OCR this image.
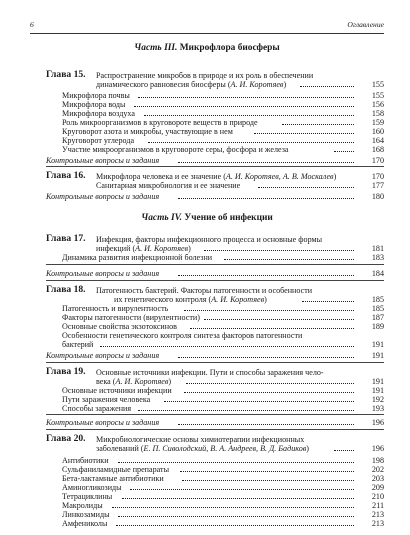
6	Оглавление
Часть III. Микрофлора биосферы
Глава 15. Распространение микробов в природе и их роль в обеспечении
динамического равновесия биосферы (А. И. Коротяев)	155
Микрофлора почвы	155
Микрофлора воды	156
Микрофлора воздуха	158
Роль микроорганизмов в круговороте веществ в природе	159
Круговорот азота и микробы, участвующие в нем	160
Круговорот углерода	164
Участие микроорганизмов в круговороте серы, фосфора и железа	168
Контрольные вопросы и задания	170
Глава 16. Микрофлора человека и ее значение (А. И. Коротяев, А. В. Москалев)	170
Санитарная микробиология и ее значение	177
Контрольные вопросы и задания	180
Часть IV. Учение об инфекции
Глава 17. Инфекция, факторы инфекционного процесса и основные формы
инфекций (А. И. Коротяев)	181
Динамика развития инфекционной болезни	183
Контрольные вопросы и задания	184
Глава 18. Патогенность бактерий. Факторы патогенности и особенности
их генетического контроля (А. И. Коротяев)	185
Патогенность и вирулентность	185
Факторы патогенности (вирулентности)	187
Основные свойства экзотоксинов	189
Особенности генетического контроля синтеза факторов патогенности
бактерий	191
Контрольные вопросы и задания	191
Глава 19. Основные источники инфекции. Пути и способы заражения чело-
века (А. И. Коротяев)	191
Основные источники инфекции	191
Пути заражения человека	192
Способы заражения	193
Контрольные вопросы и задания	196
Глава 20. Микробиологические основы химиотерапии инфекционных
заболеваний (Е. П. Сиволодский, В. А. Андреев, В. Д. Бадиков)	196
Антибиотики	198
Сульфаниламидные препараты	202
Бета-лактамные антибиотики	203
Аминогликозиды	209
Тетрациклины	210
Макролиды	211
Линкозамиды	213
Амфениколы	213
